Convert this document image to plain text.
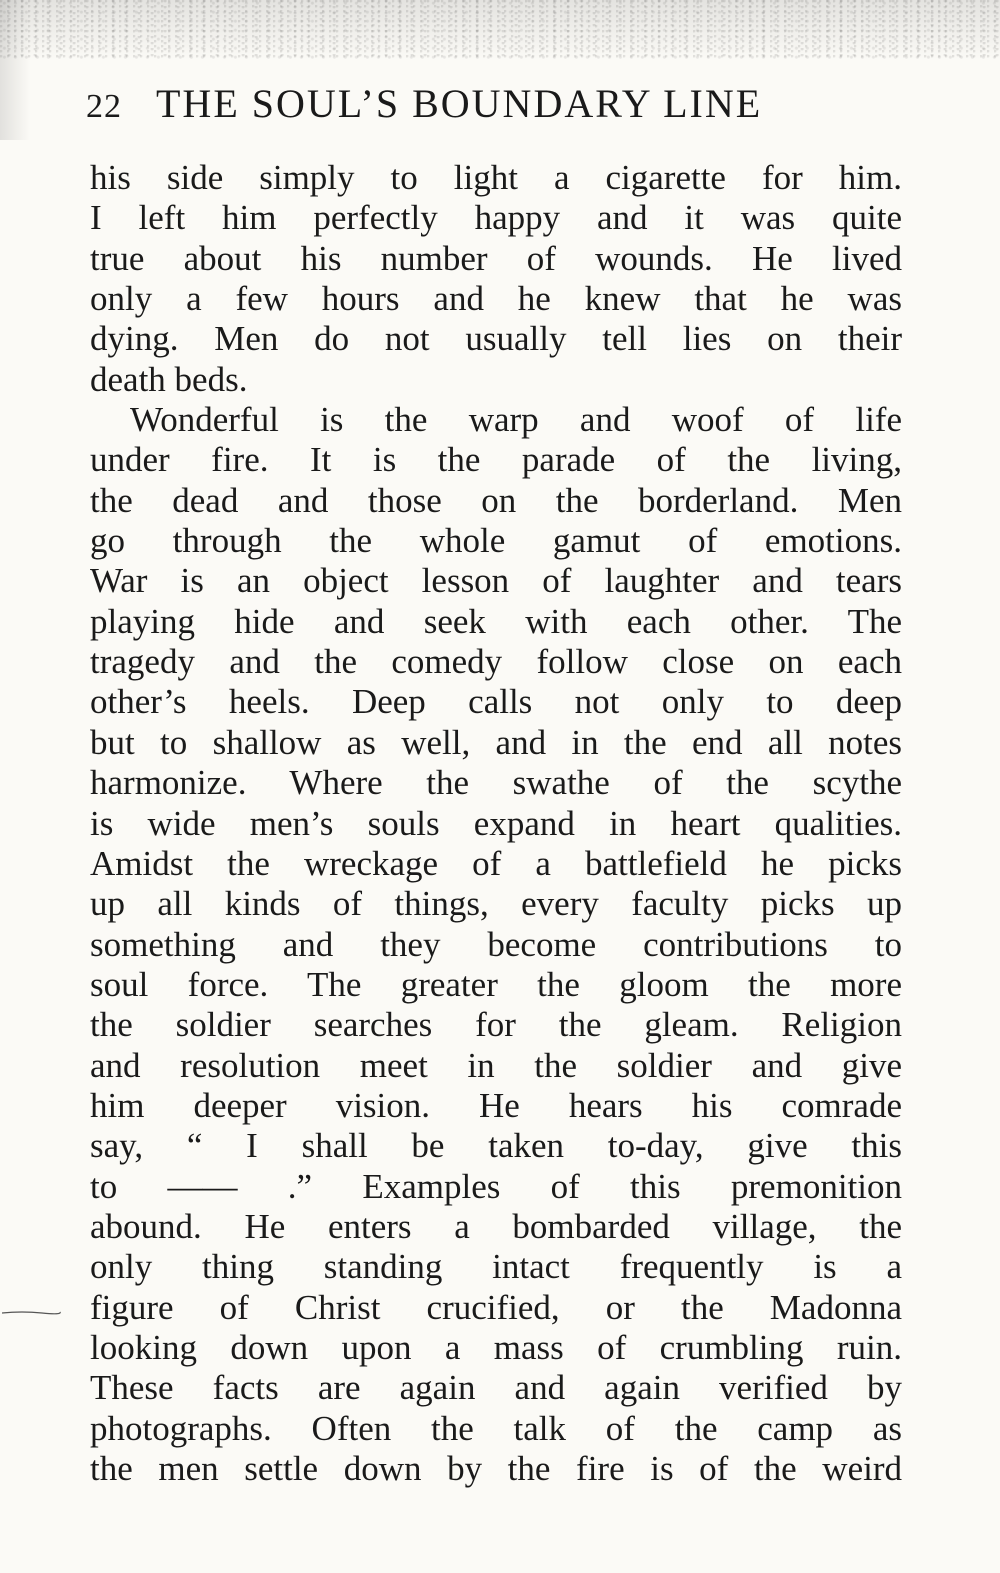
22 THE SOUL’S BOUNDARY LINE
his side simply to light a cigarette for him.
I left him perfectly happy and it was quite
true about his number of wounds. He lived
only a few hours and he knew that he was
dying. Men do not usually tell lies on their
death beds.
Wonderful is the warp and woof of life
under fire. It is the parade of the living,
the dead and those on the borderland. Men
go through the whole gamut of emotions.
War is an object lesson of laughter and tears
playing hide and seek with each other. The
tragedy and the comedy follow close on each
other’s heels. Deep calls not only to deep
but to shallow as well, and in the end all notes
harmonize. Where the swathe of the scythe
is wide men’s souls expand in heart qualities.
Amidst the wreckage of a battlefield he picks
up all kinds of things, every faculty picks up
something and they become contributions to
soul force. The greater the gloom the more
the soldier searches for the gleam. Religion
and resolution meet in the soldier and give
him deeper vision. He hears his comrade
say, “ I shall be taken to-day, give this
to —— .” Examples of this premonition
abound. He enters a bombarded village, the
only thing standing intact frequently is a
figure of Christ crucified, or the Madonna
looking down upon a mass of crumbling ruin.
These facts are again and again verified by
photographs. Often the talk of the camp as
the men settle down by the fire is of the weird
